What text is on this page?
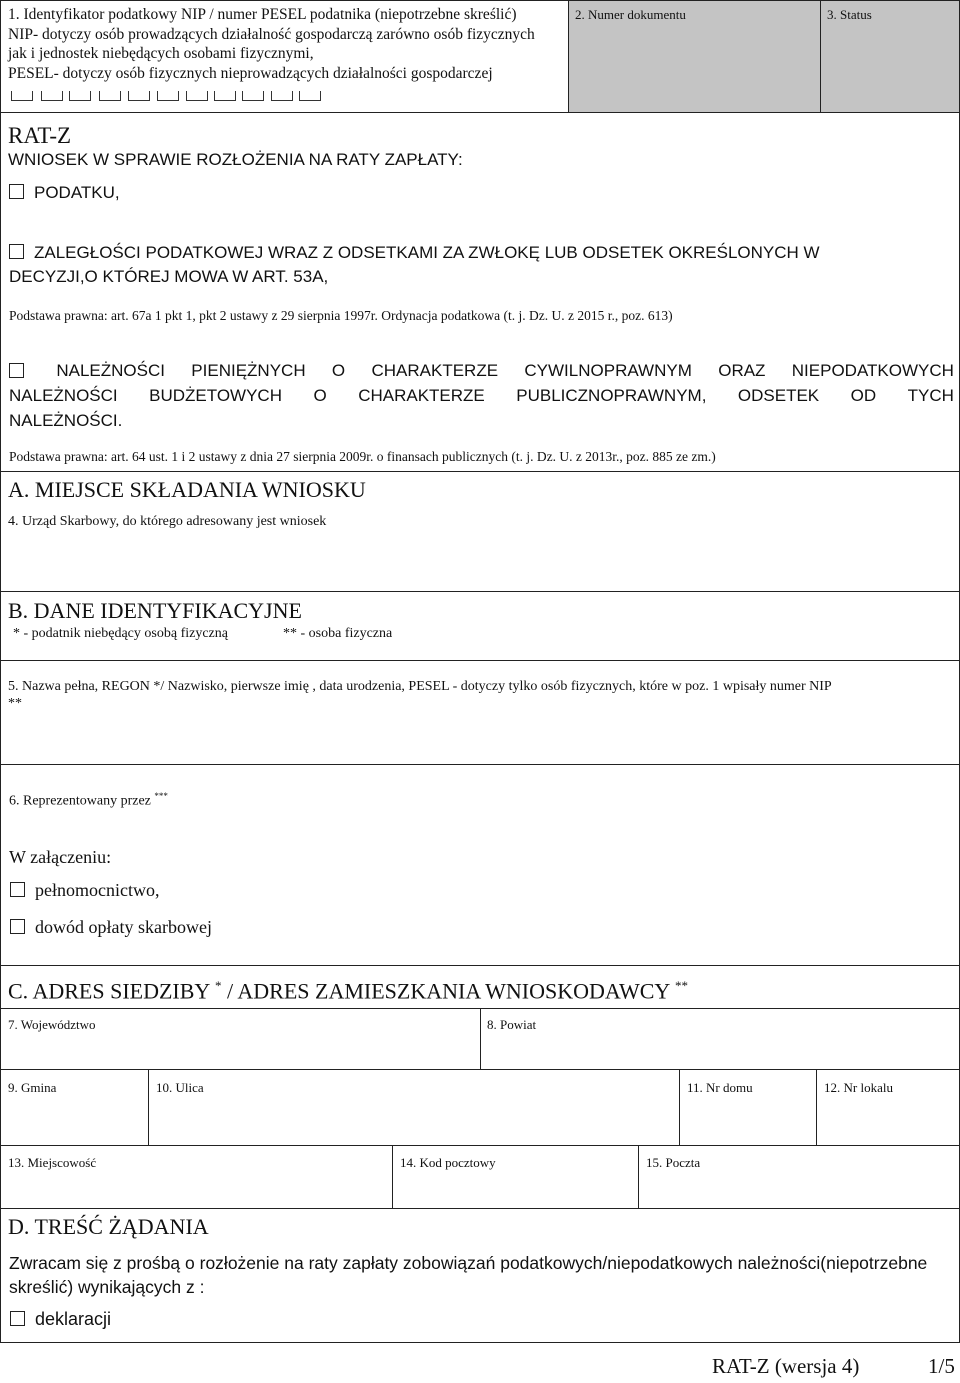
1. Identyfikator podatkowy NIP / numer PESEL podatnika (niepotrzebne skreślić)
NIP- dotyczy osób prowadzących działalność gospodarczą zarówno osób fizycznych
jak i jednostek niebędących osobami fizycznymi,
PESEL- dotyczy osób fizycznych nieprowadzących działalności gospodarczej
2. Numer dokumentu	3. Status
RAT-Z
WNIOSEK W SPRAWIE ROZŁOŻENIA NA RATY ZAPŁATY:
PODATKU,
ZALEGŁOŚCI PODATKOWEJ WRAZ Z ODSETKAMI ZA ZWŁOKĘ LUB ODSETEK OKREŚLONYCH W
DECYZJI,O KTÓREJ MOWA W ART. 53A,
Podstawa prawna: art. 67a 1 pkt 1, pkt 2 ustawy z 29 sierpnia 1997r. Ordynacja podatkowa (t. j. Dz. U. z 2015 r., poz. 613)
NALEŻNOŚCI PIENIĘŻNYCH O CHARAKTERZE CYWILNOPRAWNYM ORAZ NIEPODATKOWYCH
NALEŻNOŚCI BUDŻETOWYCH O CHARAKTERZE PUBLICZNOPRAWNYM, ODSETEK OD TYCH
NALEŻNOŚCI.
Podstawa prawna: art. 64 ust. 1 i 2 ustawy z dnia 27 sierpnia 2009r. o finansach publicznych (t. j. Dz. U. z 2013r., poz. 885 ze zm.)
A. MIEJSCE SKŁADANIA WNIOSKU
4. Urząd Skarbowy, do którego adresowany jest wniosek
B. DANE IDENTYFIKACYJNE
* - podatnik niebędący osobą fizyczną	** - osoba fizyczna
5. Nazwa pełna, REGON */ Nazwisko, pierwsze imię , data urodzenia, PESEL - dotyczy tylko osób fizycznych, które w poz. 1 wpisały numer NIP
**
6. Reprezentowany przez ***
W załączeniu:
pełnomocnictwo,
dowód opłaty skarbowej
C. ADRES SIEDZIBY * / ADRES ZAMIESZKANIA WNIOSKODAWCY **
7. Województwo	8. Powiat
9. Gmina	10. Ulica	11. Nr domu	12. Nr lokalu
13. Miejscowość	14. Kod pocztowy	15. Poczta
D. TREŚĆ ŻĄDANIA
Zwracam się z prośbą o rozłożenie na raty zapłaty zobowiązań podatkowych/niepodatkowych należności(niepotrzebne
skreślić) wynikających z :
deklaracji
RAT-Z (wersja 4)	1/5
